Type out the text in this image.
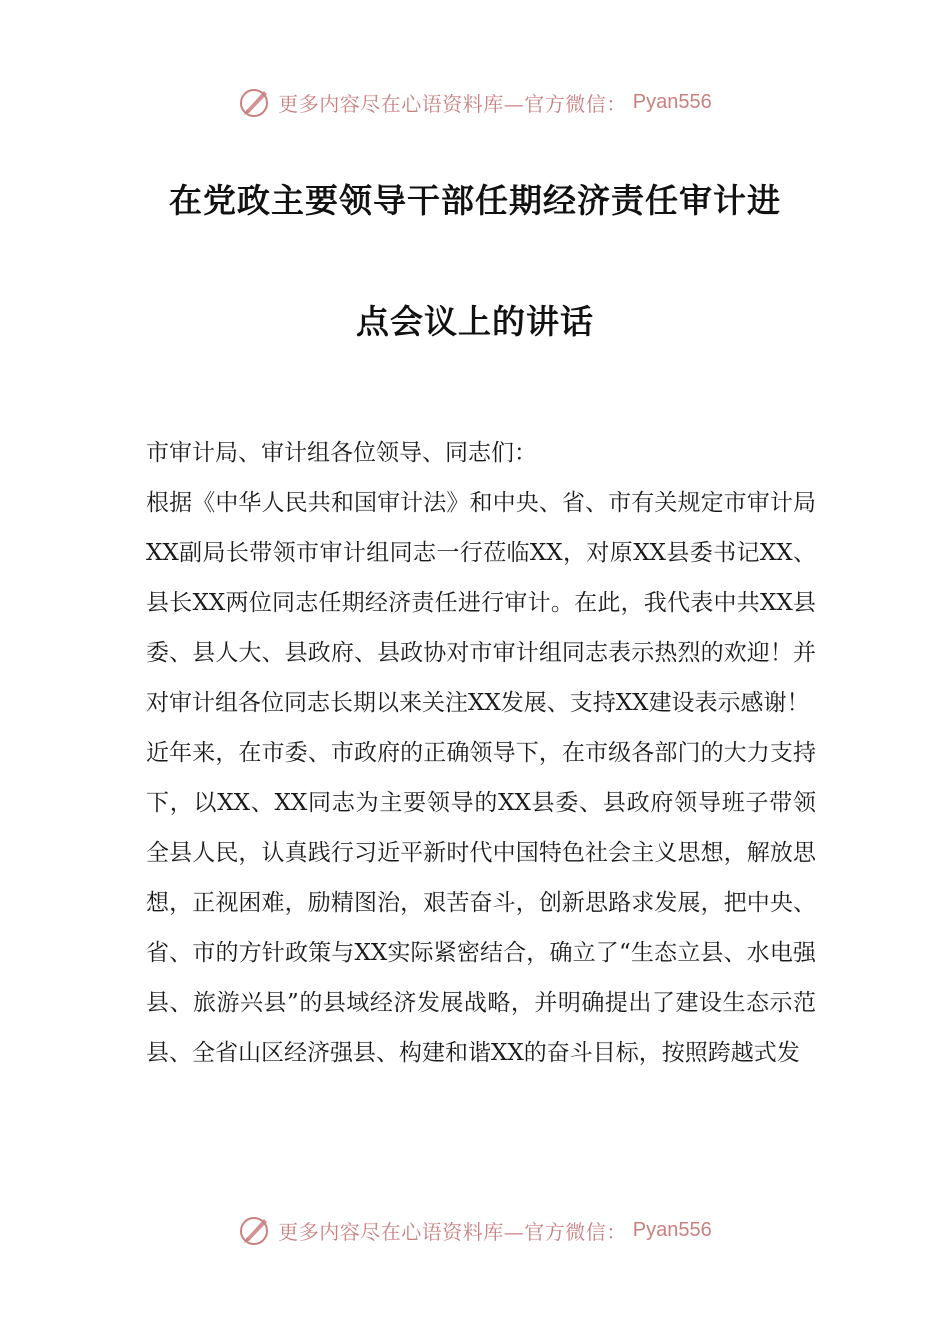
更多内容尽在心语资料库—官方微信： Pyan556
在党政主要领导干部任期经济责任审计进
点会议上的讲话

市审计局、审计组各位领导、同志们：

根据《中华人民共和国审计法》和中央、省、市有关规定市审计局XX副局长带领市审计组同志一行莅临XX，对原XX县委书记XX、县长XX两位同志任期经济责任进行审计。在此，我代表中共XX县委、县人大、县政府、县政协对市审计组同志表示热烈的欢迎！并对审计组各位同志长期以来关注XX发展、支持XX建设表示感谢！

近年来，在市委、市政府的正确领导下，在市级各部门的大力支持下，以XX、XX同志为主要领导的XX县委、县政府领导班子带领全县人民，认真践行习近平新时代中国特色社会主义思想，解放思想，正视困难，励精图治，艰苦奋斗，创新思路求发展，把中央、省、市的方针政策与XX实际紧密结合，确立了“生态立县、水电强县、旅游兴县”的县域经济发展战略，并明确提出了建设生态示范县、全省山区经济强县、构建和谐XX的奋斗目标，按照跨越式发

更多内容尽在心语资料库—官方微信： Pyan556
